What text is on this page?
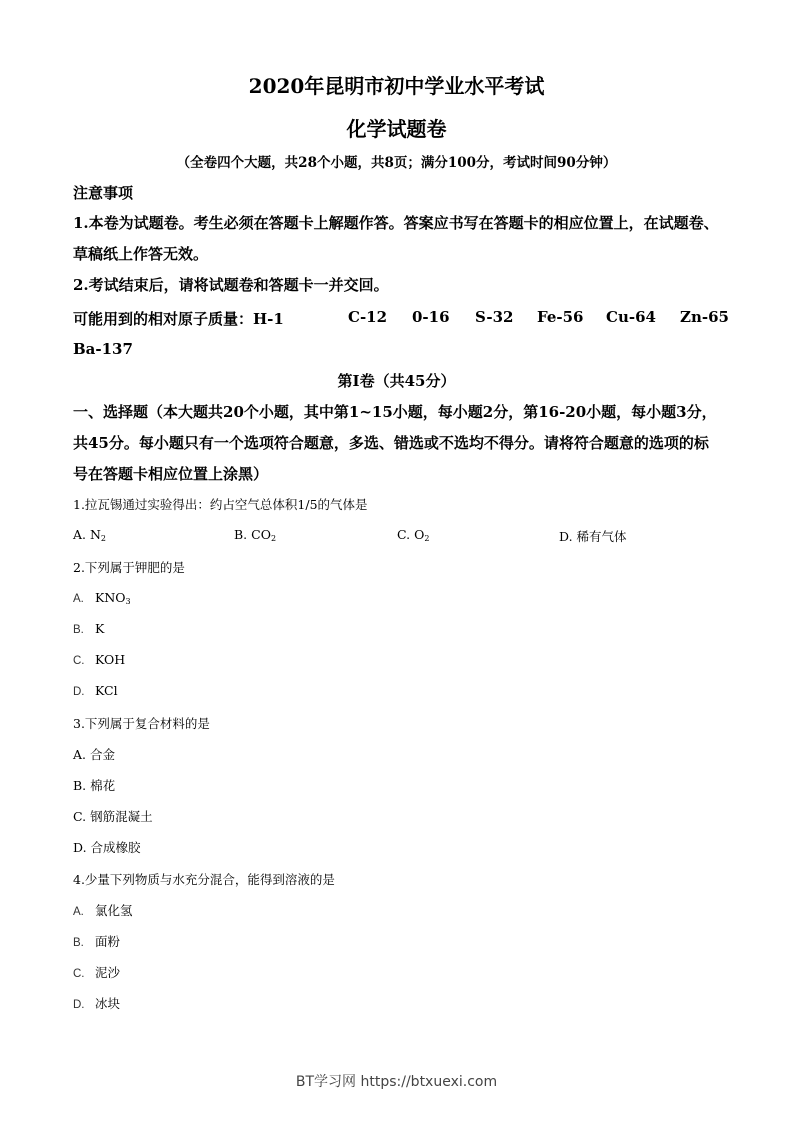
2020年昆明市初中学业水平考试
化学试题卷
（全卷四个大题，共28个小题，共8页；满分100分，考试时间90分钟）
注意事项
1.本卷为试题卷。考生必须在答题卡上解题作答。答案应书写在答题卡的相应位置上，在试题卷、草稿纸上作答无效。
2.考试结束后，请将试题卷和答题卡一并交回。
可能用到的相对原子质量：H-1	C-12 0-16 S-32 Fe-56 Cu-64 Zn-65
Ba-137
第Ⅰ卷（共45分）
一、选择题（本大题共20个小题，其中第1~15小题，每小题2分，第16-20小题，每小题3分，共45分。每小题只有一个选项符合题意，多选、错选或不选均不得分。请将符合题意的选项的标号在答题卡相应位置上涂黑）
1.拉瓦锡通过实验得出：约占空气总体积1/5的气体是
A. $N_2$	B. $CO_2$	C. $O_2$	D. 稀有气体
2.下列属于钾肥的是
A. $KNO_3$
B. K
C. KOH
D. KCl
3.下列属于复合材料的是
A. 合金
B. 棉花
C. 钢筋混凝土
D. 合成橡胶
4.少量下列物质与水充分混合，能得到溶液的是
A. 氯化氢
B. 面粉
C. 泥沙
D. 冰块
BT学习网 https://btxuexi.com
